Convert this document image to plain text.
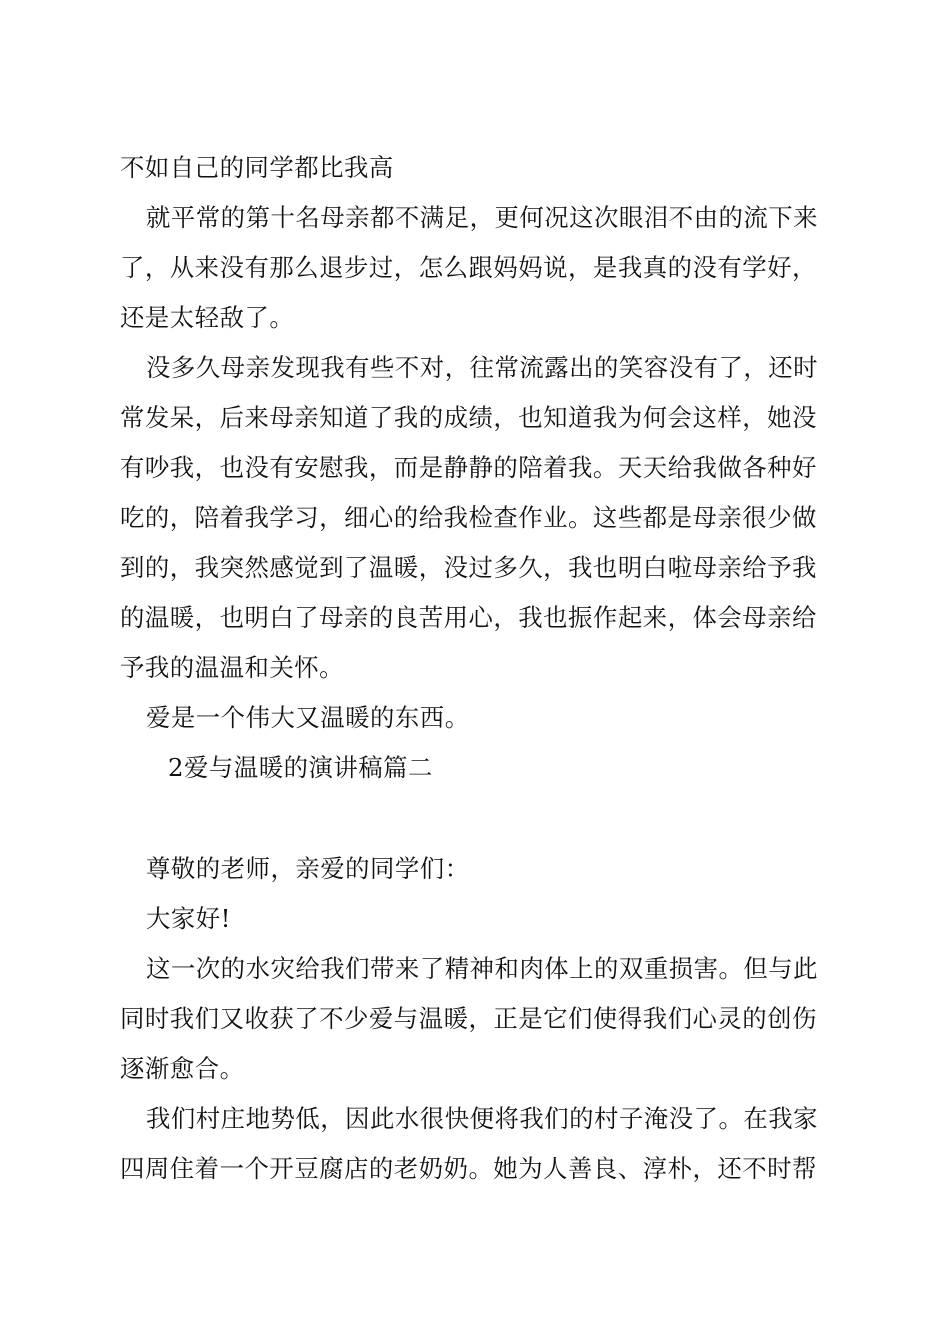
不如自己的同学都比我高

就平常的第十名母亲都不满足，更何况这次眼泪不由的流下来了，从来没有那么退步过，怎么跟妈妈说，是我真的没有学好，还是太轻敌了。

没多久母亲发现我有些不对，往常流露出的笑容没有了，还时常发呆，后来母亲知道了我的成绩，也知道我为何会这样，她没有吵我，也没有安慰我，而是静静的陪着我。天天给我做各种好吃的，陪着我学习，细心的给我检查作业。这些都是母亲很少做到的，我突然感觉到了温暖，没过多久，我也明白啦母亲给予我的温暖，也明白了母亲的良苦用心，我也振作起来，体会母亲给予我的温温和关怀。

爱是一个伟大又温暖的东西。

2爱与温暖的演讲稿篇二

尊敬的老师，亲爱的同学们：

大家好!

这一次的水灾给我们带来了精神和肉体上的双重损害。但与此同时我们又收获了不少爱与温暖，正是它们使得我们心灵的创伤逐渐愈合。

我们村庄地势低，因此水很快便将我们的村子淹没了。在我家四周住着一个开豆腐店的老奶奶。她为人善良、淳朴，还不时帮
